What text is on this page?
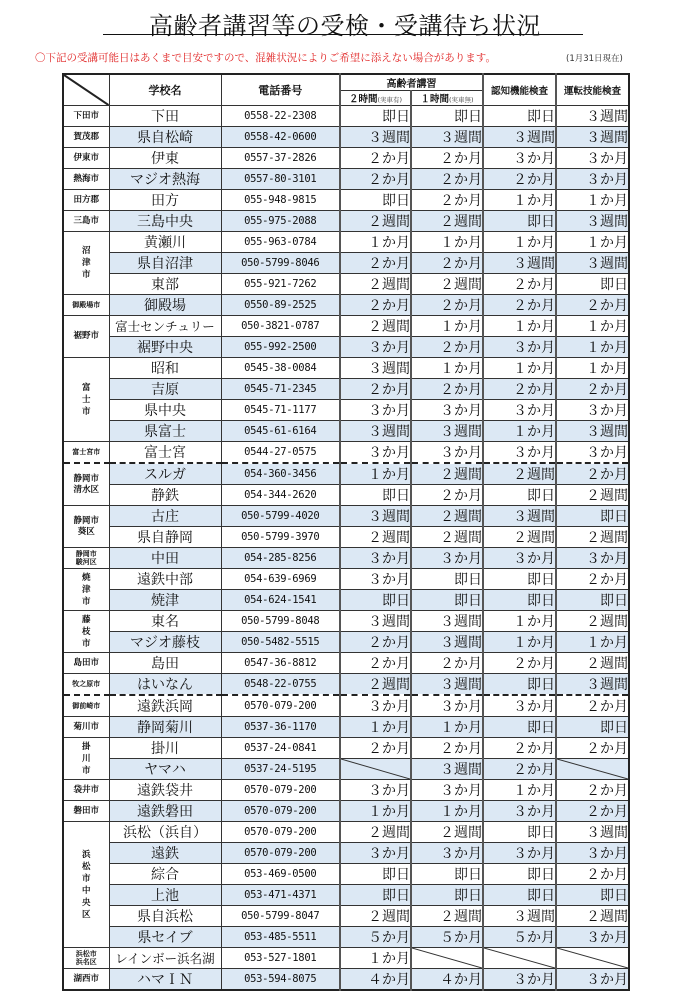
高齢者講習等の受検・受講待ち状況
〇下記の受講可能日はあくまで目安ですので、混雑状況によりご希望に添えない場合があります。	(1月31日現在)
	学校名	電話番号	高齢者講習		認知機能検査	運転技能検査
			２時間(実車有)	１時間(実車無)		
下田市	下田	0558-22-2308	即日	即日	即日	３週間
賀茂郡	県自松崎	0558-42-0600	３週間	３週間	３週間	３週間
伊東市	伊東	0557-37-2826	２か月	２か月	３か月	３か月
熱海市	マジオ熱海	0557-80-3101	２か月	２か月	２か月	３か月
田方郡	田方	055-948-9815	即日	２か月	１か月	１か月
三島市	三島中央	055-975-2088	２週間	２週間	即日	３週間
沼
津
市	黄瀬川	055-963-0784	１か月	１か月	１か月	１か月
	県自沼津	050-5799-8046	２か月	２か月	３週間	３週間
	東部	055-921-7262	２週間	２週間	２か月	即日
御殿場市	御殿場	0550-89-2525	２か月	２か月	２か月	２か月
裾野市	富士センチュリー	050-3821-0787	２週間	１か月	１か月	１か月
	裾野中央	055-992-2500	３か月	２か月	３か月	１か月
富
士
市	昭和	0545-38-0084	３週間	１か月	１か月	１か月
	吉原	0545-71-2345	２か月	２か月	２か月	２か月
	県中央	0545-71-1177	３か月	３か月	３か月	３か月
	県富士	0545-61-6164	３週間	３週間	１か月	３週間
富士宮市	富士宮	0544-27-0575	３か月	３か月	３か月	３か月
静岡市
清水区	スルガ	054-360-3456	１か月	２週間	２週間	２か月
	静鉄	054-344-2620	即日	２か月	即日	２週間
静岡市
葵区	古庄	050-5799-4020	３週間	２週間	３週間	即日
	県自静岡	050-5799-3970	２週間	２週間	２週間	２週間
静岡市
駿河区	中田	054-285-8256	３か月	３か月	３か月	３か月
焼
津
市	遠鉄中部	054-639-6969	３か月	即日	即日	２か月
	焼津	054-624-1541	即日	即日	即日	即日
藤
枝
市	東名	050-5799-8048	３週間	３週間	１か月	２週間
	マジオ藤枝	050-5482-5515	２か月	３週間	１か月	１か月
島田市	島田	0547-36-8812	２か月	２か月	２か月	２週間
牧之原市	はいなん	0548-22-0755	２週間	３週間	即日	３週間
御前崎市	遠鉄浜岡	0570-079-200	３か月	３か月	３か月	２か月
菊川市	静岡菊川	0537-36-1170	１か月	１か月	即日	即日
掛
川
市	掛川	0537-24-0841	２か月	２か月	２か月	２か月
	ヤマハ	0537-24-5195		３週間	２か月	

袋井市	遠鉄袋井	0570-079-200	３か月	３か月	１か月	２か月
磐田市	遠鉄磐田	0570-079-200	１か月	１か月	３か月	２か月
浜
松
市
中
央
区	浜松（浜自）	0570-079-200	２週間	２週間	即日	３週間
	遠鉄	0570-079-200	３か月	３か月	３か月	３か月
	綜合	053-469-0500	即日	即日	即日	２か月
	上池	053-471-4371	即日	即日	即日	即日
	県自浜松	050-5799-8047	２週間	２週間	３週間	２週間
	県セイブ	053-485-5511	５か月	５か月	５か月	３か月
浜松市
浜名区	レインボー浜名湖	053-527-1801	１か月	

湖西市	ハマＩＮ	053-594-8075	４か月	４か月	３か月	３か月
